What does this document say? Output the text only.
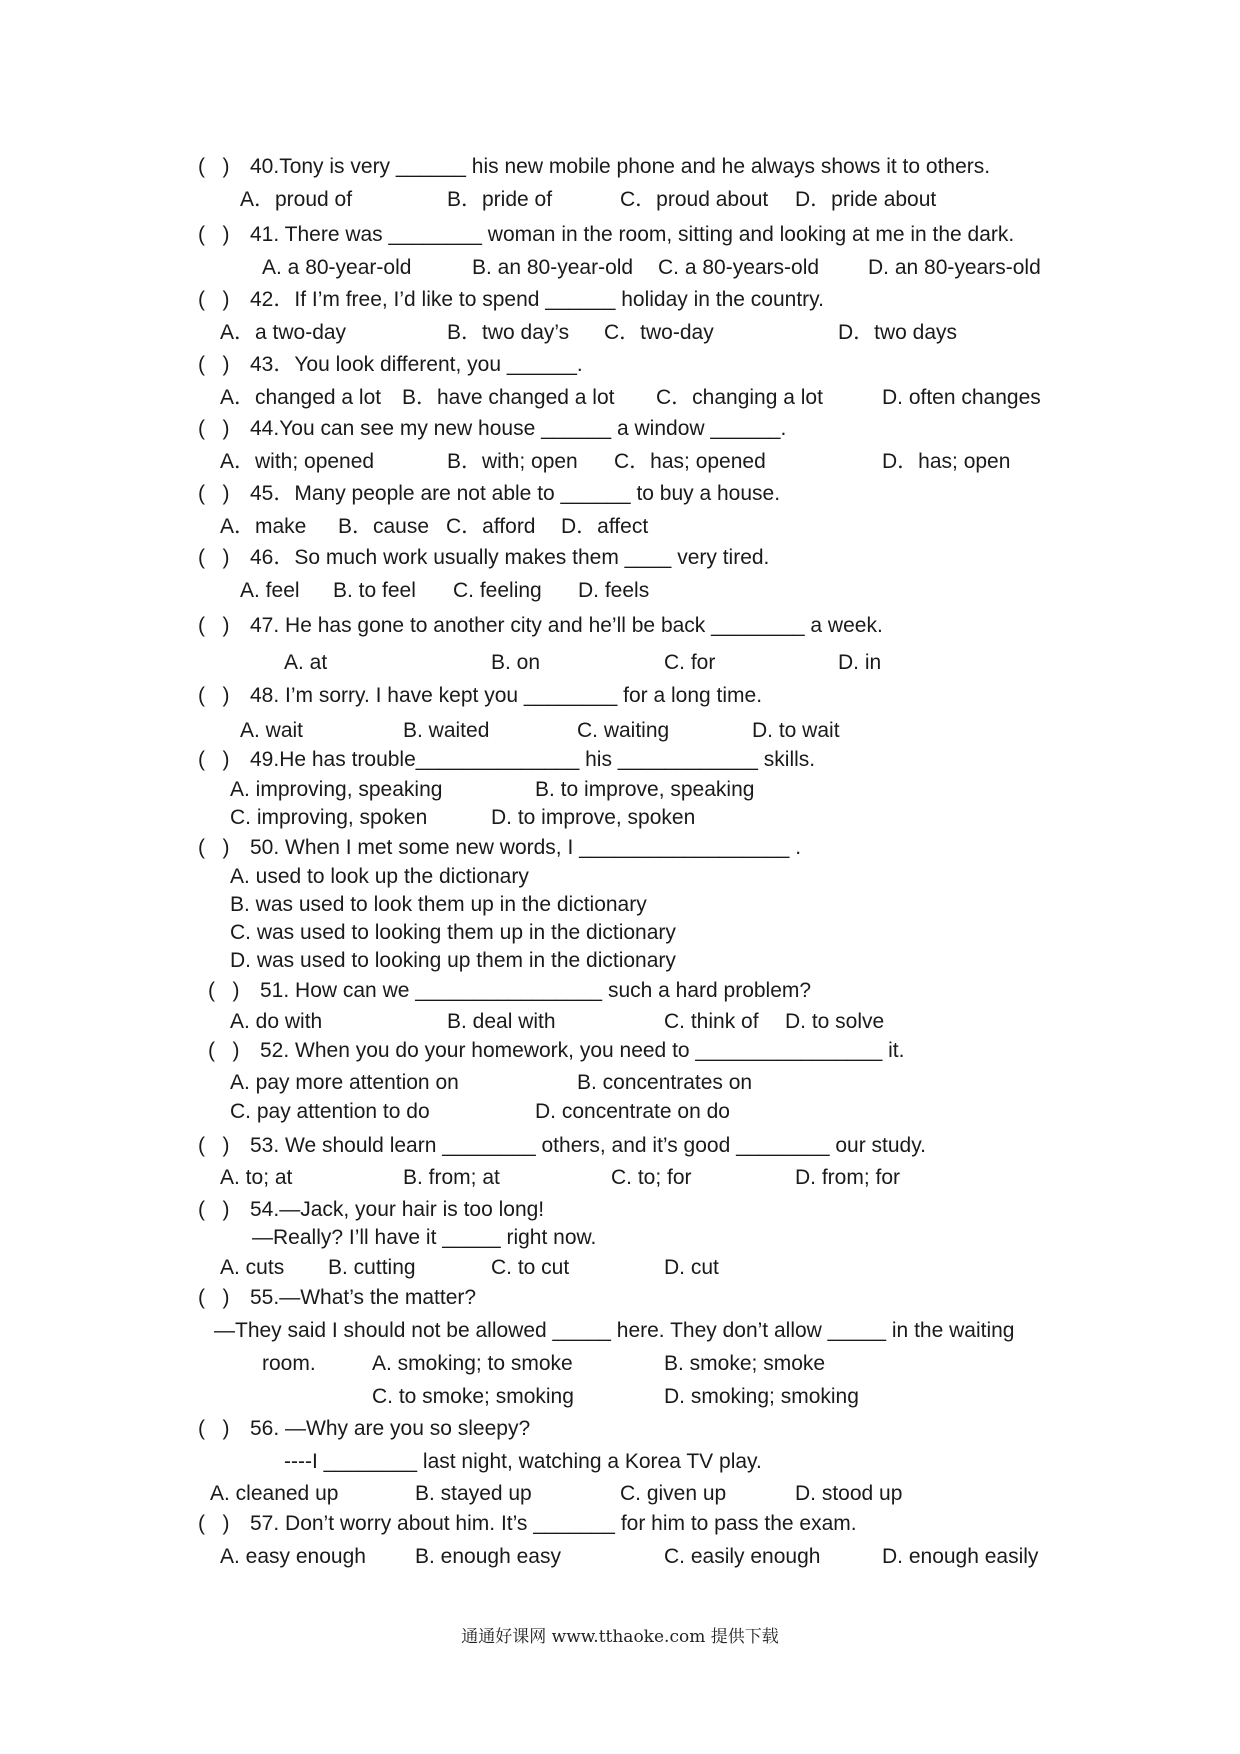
(   ) 40.Tony is very ______ his new mobile phone and he always shows it to others.
A．proud of	B．pride of	C．proud about D．pride about
(   ) 41. There was ________ woman in the room, sitting and looking at me in the dark.
A. a 80-year-old	B. an 80-year-old C. a 80-years-old D. an 80-years-old
(   ) 42．If I’m free, I’d like to spend ______ holiday in the country.
A．a two-day	B．two day’s C．two-day	D．two days
(   ) 43．You look different, you ______.
A．changed a lot B．have changed a lot C．changing a lot	D. often changes
(   ) 44.You can see my new house ______ a window ______.
A．with; opened	B．with; open C．has; opened	D．has; open
(   ) 45．Many people are not able to ______ to buy a house.
A．make B．cause C．afford D．affect
(   ) 46．So much work usually makes them ____ very tired.
A. feel B. to feel C. feeling D. feels
(   ) 47. He has gone to another city and he’ll be back ________ a week.
A. at	B. on	C. for	D. in
(   ) 48. I’m sorry. I have kept you ________ for a long time.
A. wait	B. waited	C. waiting	D. to wait
(   ) 49.He has trouble______________ his ____________ skills.
A. improving, speaking	B. to improve, speaking
C. improving, spoken	D. to improve, spoken
(   ) 50. When I met some new words, I __________________ .
A. used to look up the dictionary
B. was used to look them up in the dictionary
C. was used to looking them up in the dictionary
D. was used to looking up them in the dictionary
(   ) 51. How can we ________________ such a hard problem?
A. do with	B. deal with	C. think of D. to solve
(   ) 52. When you do your homework, you need to ________________ it.
A. pay more attention on	B. concentrates on
C. pay attention to do	D. concentrate on do
(   ) 53. We should learn ________ others, and it’s good ________ our study.
A. to; at	B. from; at	C. to; for	D. from; for
(   ) 54.—Jack, your hair is too long!
—Really? I’ll have it _____ right now.
A. cuts B. cutting	C. to cut	D. cut
(   ) 55.—What’s the matter?
—They said I should not be allowed _____ here. They don’t allow _____ in the waiting
room.	A. smoking; to smoke	B. smoke; smoke
C. to smoke; smoking	D. smoking; smoking
(   ) 56. —Why are you so sleepy?
----I ________ last night, watching a Korea TV play.
A. cleaned up	B. stayed up	C. given up	D. stood up
(   ) 57. Don’t worry about him. It’s _______ for him to pass the exam.
A. easy enough B. enough easy	C. easily enough	D. enough easily
通通好课网 www.tthaoke.com 提供下载
